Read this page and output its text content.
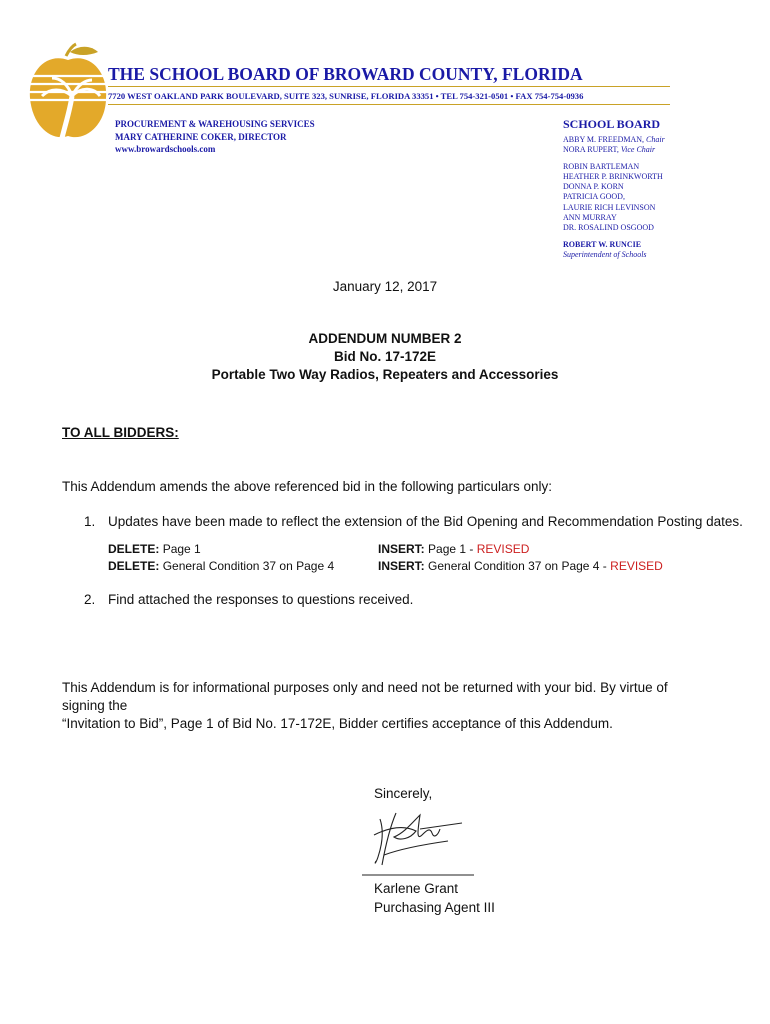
THE SCHOOL BOARD OF BROWARD COUNTY, FLORIDA
7720 WEST OAKLAND PARK BOULEVARD, SUITE 323, SUNRISE, FLORIDA 33351 • TEL 754-321-0501 • FAX 754-754-0936
PROCUREMENT & WAREHOUSING SERVICES
MARY CATHERINE COKER, DIRECTOR
www.browardschools.com
SCHOOL BOARD
ABBY M. FREEDMAN, Chair
NORA RUPERT, Vice Chair
ROBIN BARTLEMAN
HEATHER P. BRINKWORTH
DONNA P. KORN
PATRICIA GOOD,
LAURIE RICH LEVINSON
ANN MURRAY
DR. ROSALIND OSGOOD
ROBERT W. RUNCIE
Superintendent of Schools
January 12, 2017
ADDENDUM NUMBER 2
Bid No. 17-172E
Portable Two Way Radios, Repeaters and Accessories
TO ALL BIDDERS:
This Addendum amends the above referenced bid in the following particulars only:
1. Updates have been made to reflect the extension of the Bid Opening and Recommendation Posting dates.
DELETE: Page 1
DELETE: General Condition 37 on Page 4
INSERT: Page 1 - REVISED
INSERT: General Condition 37 on Page 4 - REVISED
2. Find attached the responses to questions received.
This Addendum is for informational purposes only and need not be returned with your bid. By virtue of signing the
“Invitation to Bid”, Page 1 of Bid No. 17-172E, Bidder certifies acceptance of this Addendum.
Sincerely,
Karlene Grant
Purchasing Agent III
